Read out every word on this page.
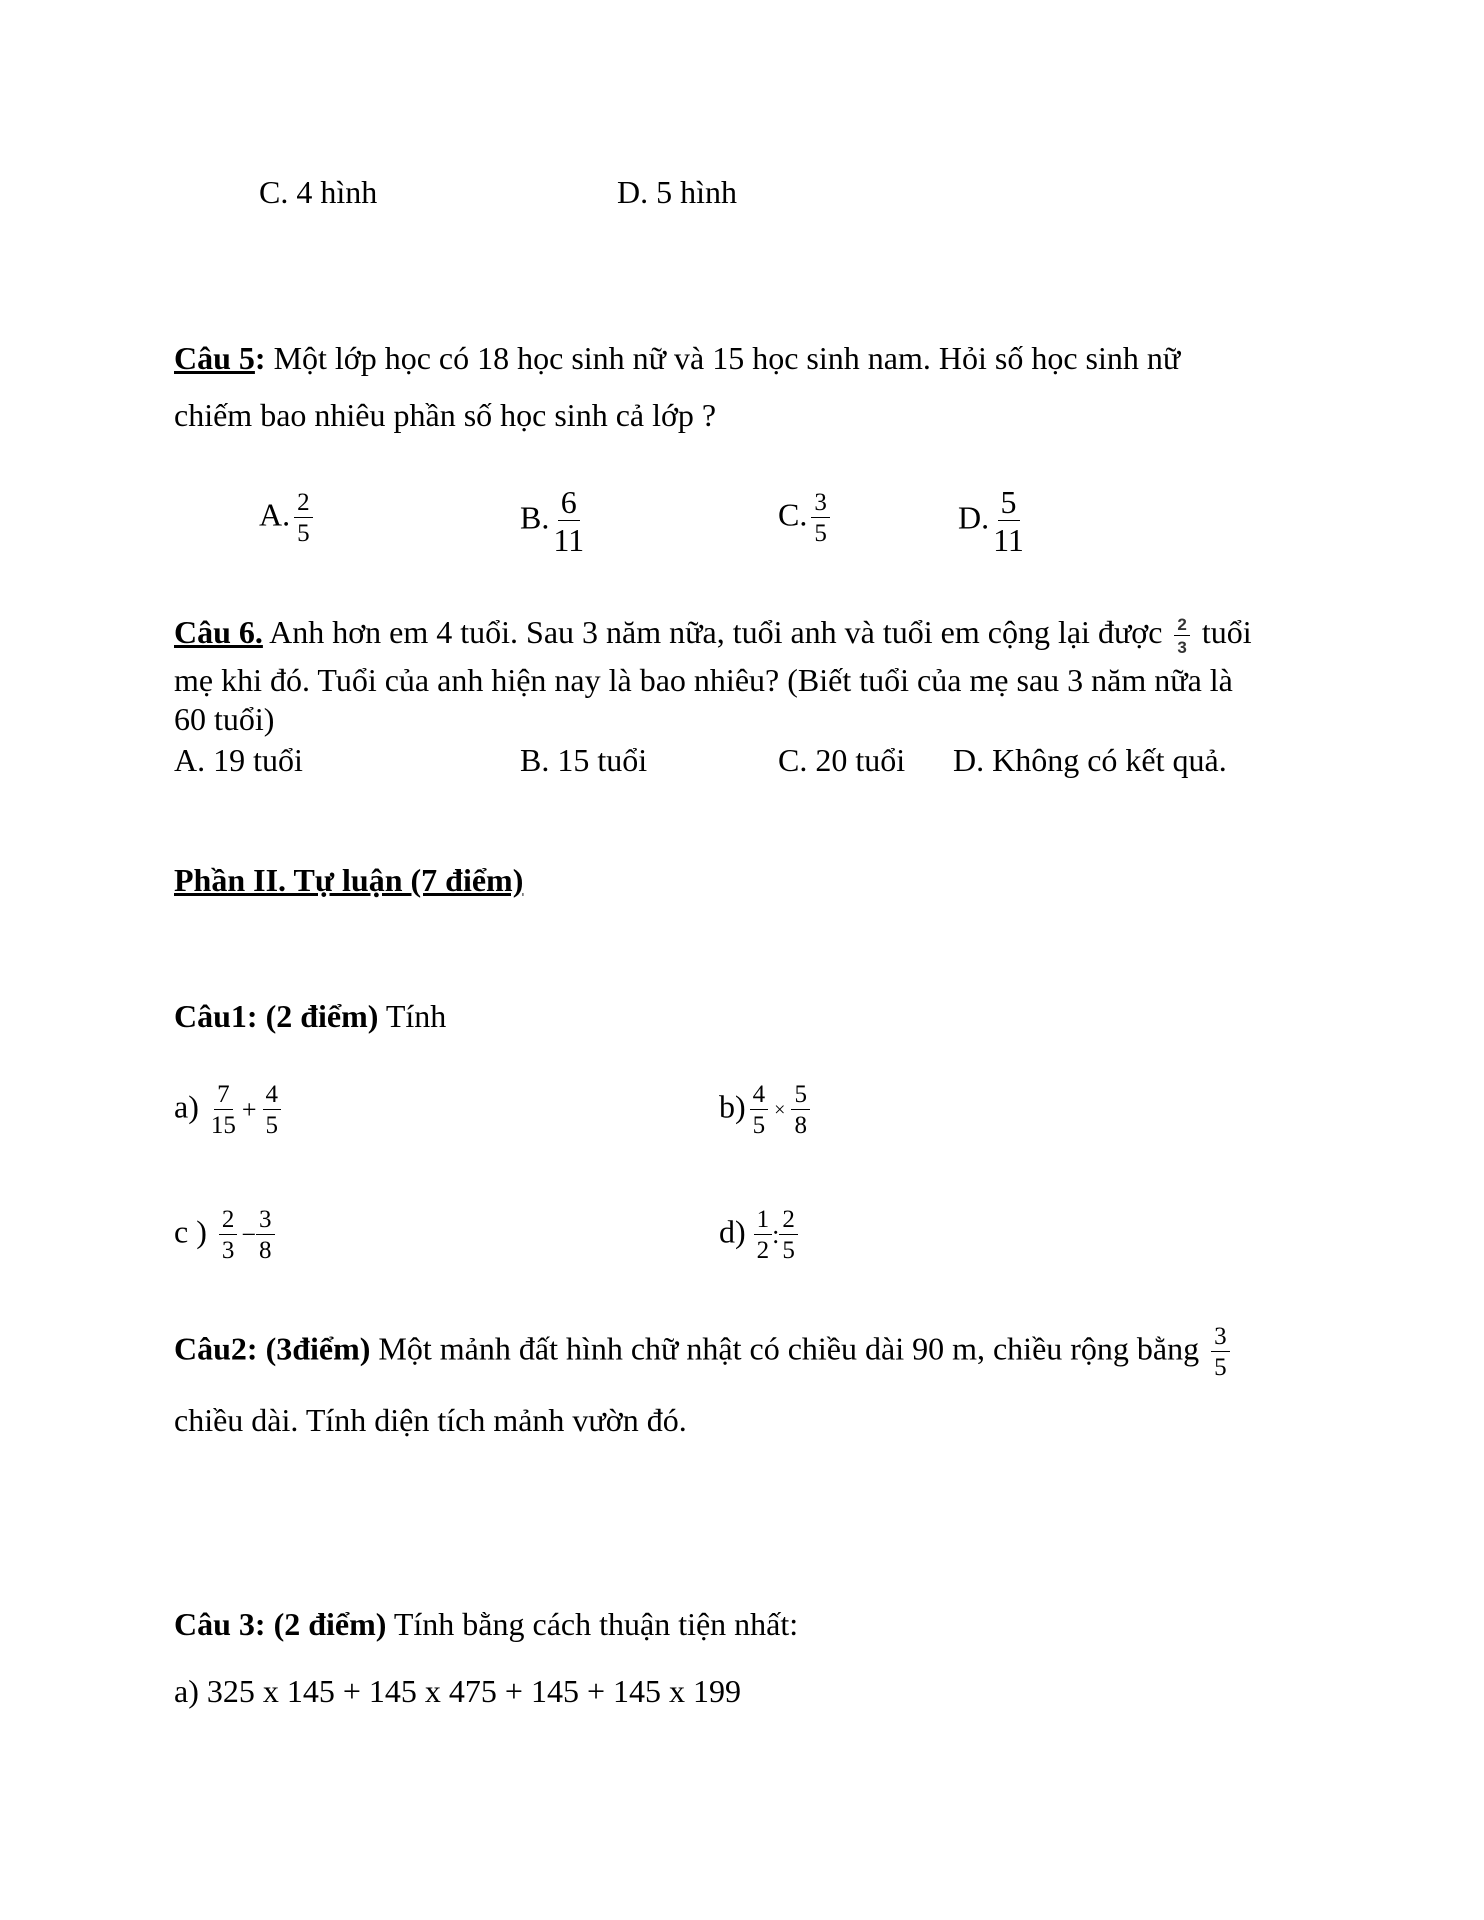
C. 4 hình	D. 5 hình
Câu 5: Một lớp học có 18 học sinh nữ và 15 học sinh nam. Hỏi số học sinh nữ
chiếm bao nhiêu phần số học sinh cả lớp ?
A. $\frac{2}{5}$	B. $\frac{6}{11}$	C. $\frac{3}{5}$	D. $\frac{5}{11}$
Câu 6. Anh hơn em 4 tuổi. Sau 3 năm nữa, tuổi anh và tuổi em cộng lại được $\frac{2}{3}$ tuổi
mẹ khi đó. Tuổi của anh hiện nay là bao nhiêu? (Biết tuổi của mẹ sau 3 năm nữa là
60 tuổi)
A. 19 tuổi	B. 15 tuổi	C. 20 tuổi D. Không có kết quả.
Phần II. Tự luận (7 điểm)
Câu1: (2 điểm) Tính
$a) \frac{7}{15} + \frac{4}{5}$	$b) \frac{4}{5} \times \frac{5}{8}$
c ) $\frac{2}{3} - \frac{3}{8}$	$d) \frac{1}{2}$ : $\frac{2}{5}$
Câu2: (3điểm) Một mảnh đất hình chữ nhật có chiều dài 90 m, chiều rộng bằng $\frac{3}{5}$
chiều dài. Tính diện tích mảnh vườn đó.
Câu 3: (2 điểm) Tính bằng cách thuận tiện nhất:
a) 325 x 145 + 145 x 475 + 145 + 145 x 199
